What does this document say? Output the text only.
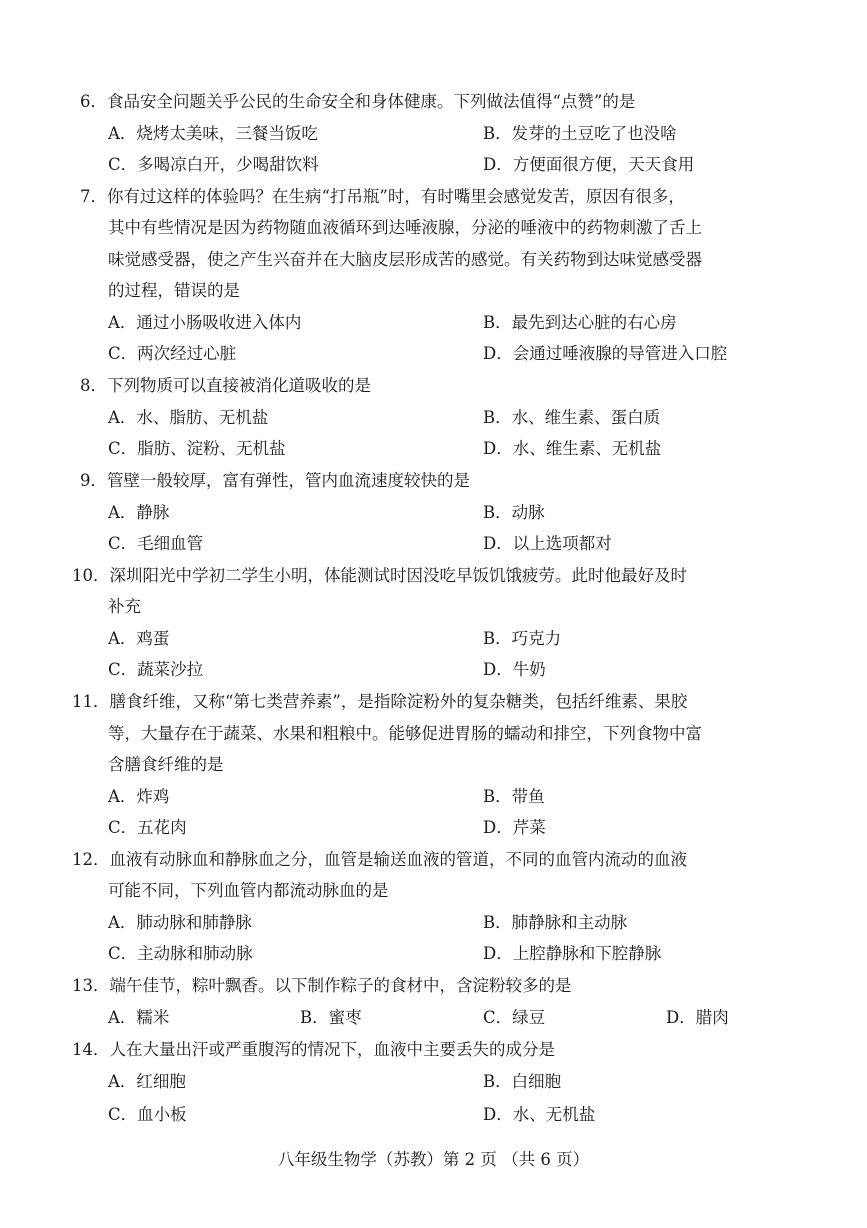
6．食品安全问题关乎公民的生命安全和身体健康。下列做法值得“点赞”的是
A．烧烤太美味，三餐当饭吃	B．发芽的土豆吃了也没啥
C．多喝凉白开，少喝甜饮料	D．方便面很方便，天天食用
7．你有过这样的体验吗？在生病“打吊瓶”时，有时嘴里会感觉发苦，原因有很多，
其中有些情况是因为药物随血液循环到达唾液腺，分泌的唾液中的药物刺激了舌上
味觉感受器，使之产生兴奋并在大脑皮层形成苦的感觉。有关药物到达味觉感受器
的过程，错误的是
A．通过小肠吸收进入体内	B．最先到达心脏的右心房
C．两次经过心脏	D．会通过唾液腺的导管进入口腔
8．下列物质可以直接被消化道吸收的是
A．水、脂肪、无机盐	B．水、维生素、蛋白质
C．脂肪、淀粉、无机盐	D．水、维生素、无机盐
9．管壁一般较厚，富有弹性，管内血流速度较快的是
A．静脉	B．动脉
C．毛细血管	D．以上选项都对
10．深圳阳光中学初二学生小明，体能测试时因没吃早饭饥饿疲劳。此时他最好及时
补充
A．鸡蛋	B．巧克力
C．蔬菜沙拉	D．牛奶
11．膳食纤维，又称“第七类营养素”，是指除淀粉外的复杂糖类，包括纤维素、果胶
等，大量存在于蔬菜、水果和粗粮中。能够促进胃肠的蠕动和排空，下列食物中富
含膳食纤维的是
A．炸鸡	B．带鱼
C．五花肉	D．芹菜
12．血液有动脉血和静脉血之分，血管是输送血液的管道，不同的血管内流动的血液
可能不同，下列血管内都流动脉血的是
A．肺动脉和肺静脉	B．肺静脉和主动脉
C．主动脉和肺动脉	D．上腔静脉和下腔静脉
13．端午佳节，粽叶飘香。以下制作粽子的食材中，含淀粉较多的是
A．糯米	B．蜜枣	C．绿豆	D．腊肉
14．人在大量出汗或严重腹泻的情况下，血液中主要丢失的成分是
A．红细胞	B．白细胞
C．血小板	D．水、无机盐
八年级生物学（苏教）第 2 页 （共 6 页）
